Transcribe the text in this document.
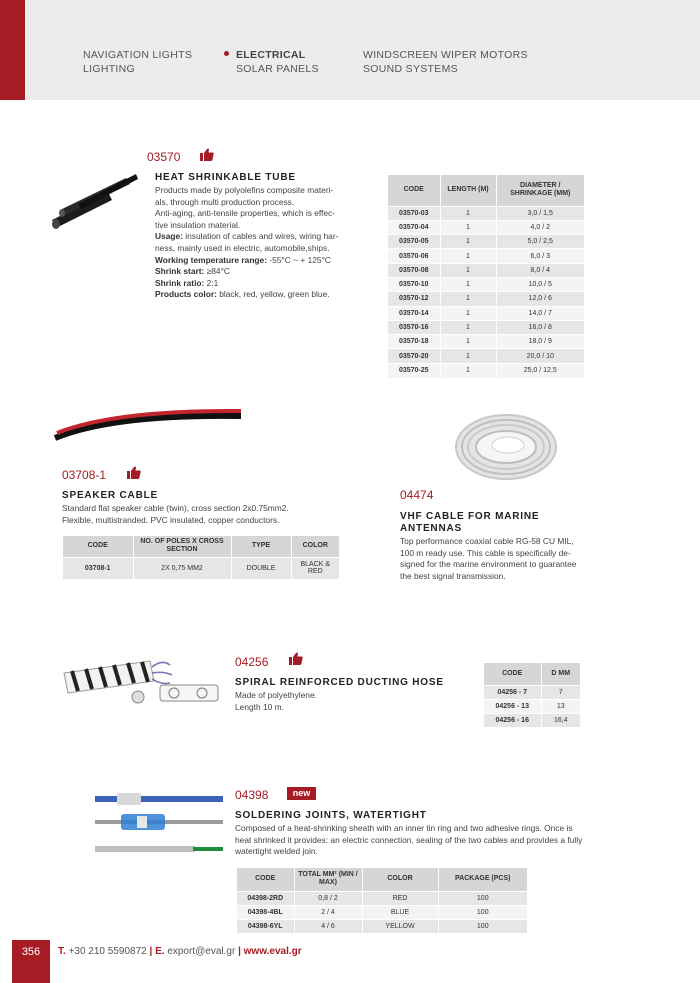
NAVIGATION LIGHTS
LIGHTING
ELECTRICAL
SOLAR PANELS
WINDSCREEN WIPER MOTORS
SOUND SYSTEMS
03570
HEAT SHRINKABLE TUBE
Products made by polyolefins composite materi-
als, through multi production process.
Anti-aging, anti-tensile properties, which is effec-
tive insulation material.
Usage: insulation of cables and wires, wiring har-
ness, mainly used in electric, automobile,ships.
Working temperature range: -55°C ~ + 125°C
Shrink start: ≥84°C
Shrink ratio: 2:1
Products color: black, red, yellow, green blue.
CODE	LENGTH (M)	DIAMETER / SHRINKAGE (MM)
03570-03	1	3,0 / 1,5
03570-04	1	4,0 / 2
03570-05	1	5,0 / 2,5
03570-06	1	6,0 / 3
03570-08	1	8,0 / 4
03570-10	1	10,0 / 5
03570-12	1	12,0 / 6
03570-14	1	14,0 / 7
03570-16	1	16,0 / 8
03570-18	1	18,0 / 9
03570-20	1	20,0 / 10
03570-25	1	25,0 / 12,5
03708-1
SPEAKER CABLE
Standard flat speaker cable (twin), cross section 2x0.75mm2.
Flexible, multistranded. PVC insulated, copper conductors.
CODE	NO. OF POLES X CROSS SECTION	TYPE	COLOR
03708-1	2X 0,75 MM2	DOUBLE	BLACK & RED
04474
VHF CABLE FOR MARINE
ANTENNAS
Top performance coaxial cable RG-58 CU MIL,
100 m ready use. This cable is specifically de-
signed for the marine environment to guarantee
the best signal transmission.
04256
SPIRAL REINFORCED DUCTING HOSE
Made of polyethylene.
Length 10 m.
CODE	D MM
04256 - 7	7
04256 - 13	13
04256 - 16	16,4
04398	new
SOLDERING JOINTS, WATERTIGHT
Composed of a heat-shrinking sheath with an inner tin ring and two adhesive rings. Once is
heat shrinked it provides: an electric connection, sealing of the two cables and provides a fully
watertight welded join.
CODE	TOTAL MM² (MIN / MAX)	COLOR	PACKAGE (PCS)
04398-2RD	0,8 / 2	RED	100
04398-4BL	2 / 4	BLUE	100
04398-6YL	4 / 6	YELLOW	100
356	T. +30 210 5590872 | E. export@eval.gr | www.eval.gr
